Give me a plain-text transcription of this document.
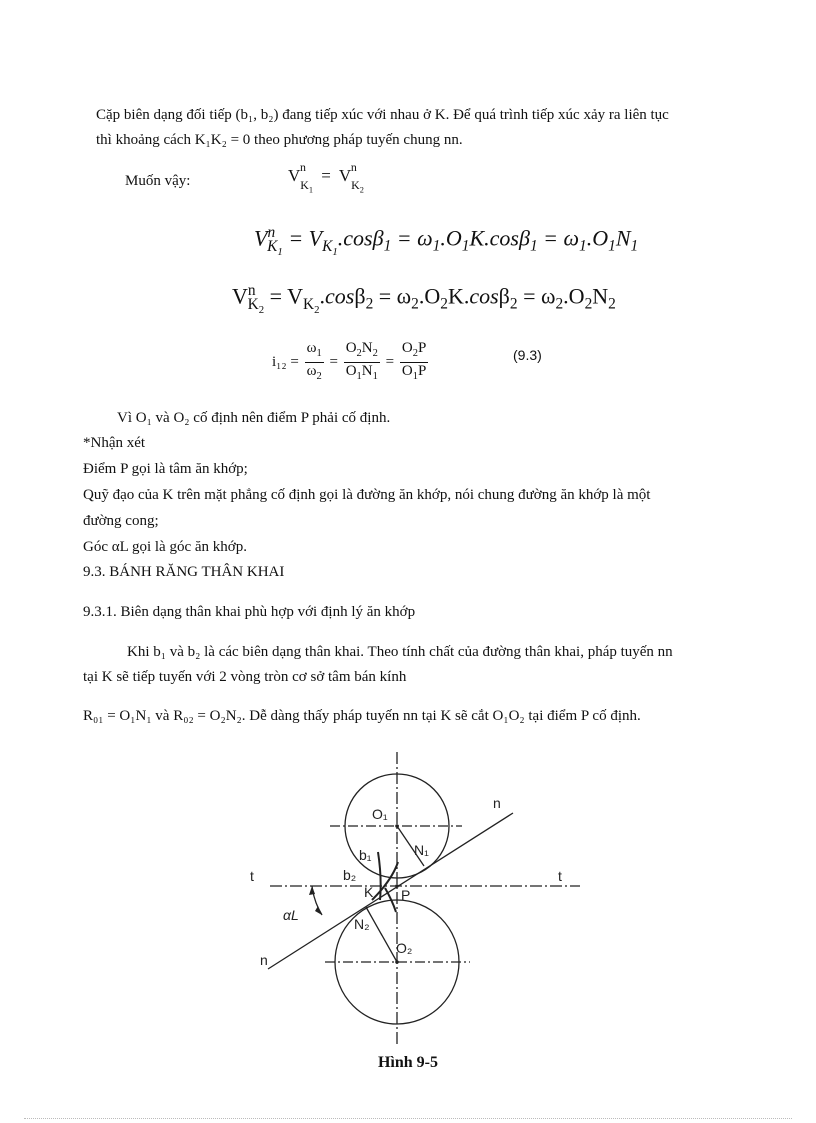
Cặp biên dạng đối tiếp (b₁, b₂) đang tiếp xúc với nhau ở K. Để quá trình tiếp xúc xảy ra liên tục
thì khoảng cách K₁K₂ = 0 theo phương pháp tuyến chung nn.
Muốn vậy:	$V_{K_1}$
$n = V_{K_2}$
n
$V^n_{K_1} = V_{K_1}.\cos\beta_1 = \omega_1.O_1K.\cos\beta_1 = \omega_1.O_1N_1$
$V^n_{K_2} = V_{K_2}.\cos\beta_2 = \omega_2.O_2K.\cos\beta_2 = \omega_2.O_2N_2$
$i_{12} = \frac{\omega_1}{\omega_2} = \frac{O_2N_2}{O_1N_1} = \frac{O_2P}{O_1P}$	(9.3)
Vì O₁ và O₂ cố định nên điểm P phải cố định.
*Nhận xét
Điểm P gọi là tâm ăn khớp;
Quỹ đạo của K trên mặt phẳng cố định gọi là đường ăn khớp, nói chung đường ăn khớp là một
đường cong;
Góc αL gọi là góc ăn khớp.
9.3. BÁNH RĂNG THÂN KHAI
9.3.1. Biên dạng thân khai phù hợp với định lý ăn khớp
Khi b₁ và b₂ là các biên dạng thân khai. Theo tính chất của đường thân khai, pháp tuyến nn
tại K sẽ tiếp tuyến với 2 vòng tròn cơ sở tâm bán kính
R₀₁ = O₁N₁ và R₀₂ = O₂N₂. Dễ dàng thấy pháp tuyến nn tại K sẽ cắt O₁O₂ tại điểm P cố định.
n
n
t	t
O₁
O₂
N₁
N₂
b₁
b₂
K P
αL
Hình 9-5
